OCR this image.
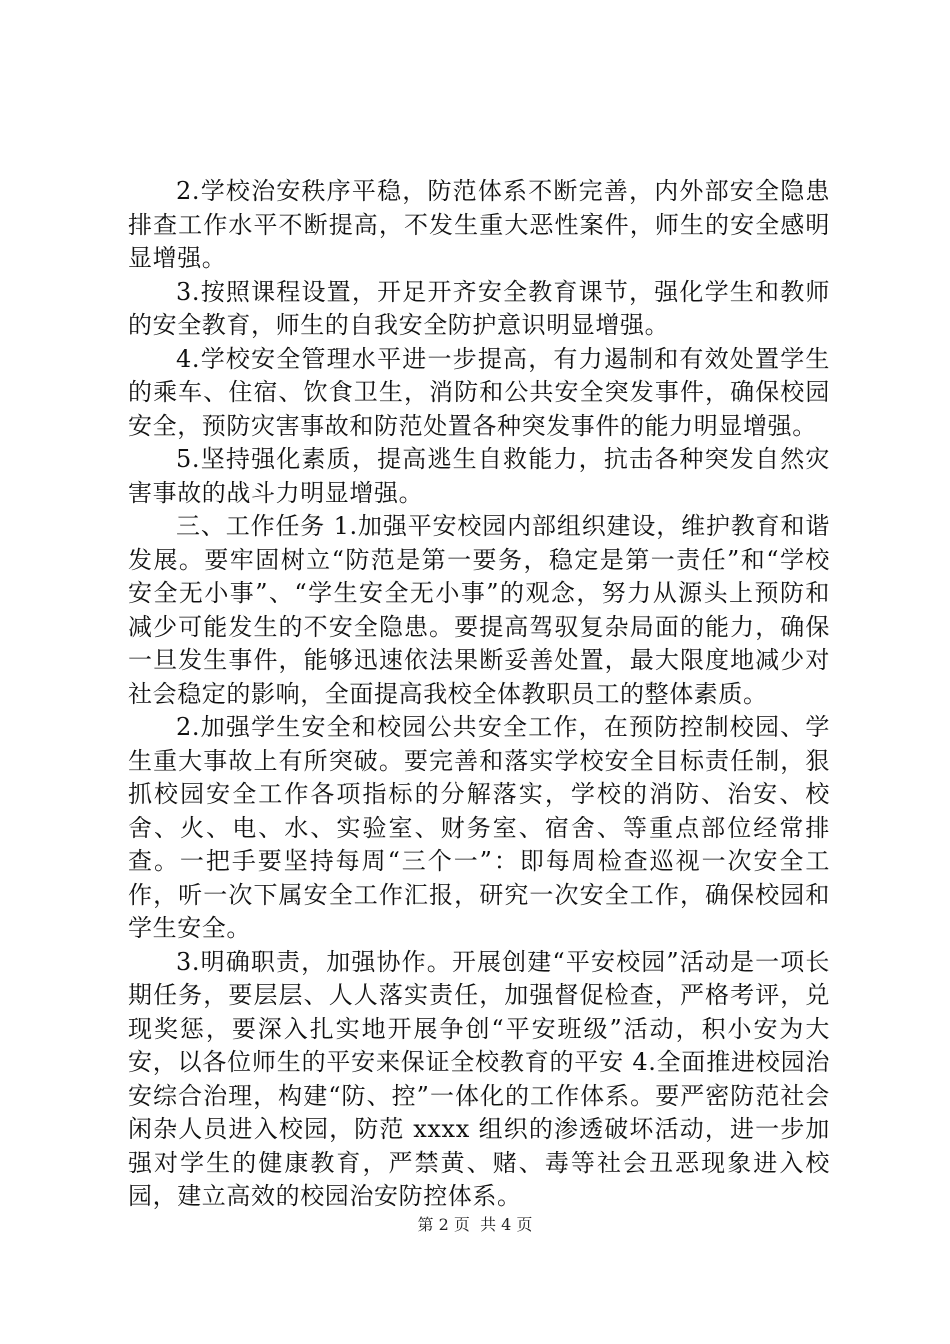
2.学校治安秩序平稳，防范体系不断完善，内外部安全隐患排查工作水平不断提高，不发生重大恶性案件，师生的安全感明显增强。

3.按照课程设置，开足开齐安全教育课节，强化学生和教师的安全教育，师生的自我安全防护意识明显增强。

4.学校安全管理水平进一步提高，有力遏制和有效处置学生的乘车、住宿、饮食卫生，消防和公共安全突发事件，确保校园安全，预防灾害事故和防范处置各种突发事件的能力明显增强。

5.坚持强化素质，提高逃生自救能力，抗击各种突发自然灾害事故的战斗力明显增强。

三、工作任务 1.加强平安校园内部组织建设，维护教育和谐发展。要牢固树立“防范是第一要务，稳定是第一责任”和“学校安全无小事”、“学生安全无小事”的观念，努力从源头上预防和减少可能发生的不安全隐患。要提高驾驭复杂局面的能力，确保一旦发生事件，能够迅速依法果断妥善处置，最大限度地减少对社会稳定的影响，全面提高我校全体教职员工的整体素质。

2.加强学生安全和校园公共安全工作，在预防控制校园、学生重大事故上有所突破。要完善和落实学校安全目标责任制，狠抓校园安全工作各项指标的分解落实，学校的消防、治安、校舍、火、电、水、实验室、财务室、宿舍、等重点部位经常排查。一把手要坚持每周“三个一”：即每周检查巡视一次安全工作，听一次下属安全工作汇报，研究一次安全工作，确保校园和学生安全。

3.明确职责，加强协作。开展创建“平安校园”活动是一项长期任务，要层层、人人落实责任，加强督促检查，严格考评，兑现奖惩，要深入扎实地开展争创“平安班级”活动，积小安为大安，以各位师生的平安来保证全校教育的平安 4.全面推进校园治安综合治理，构建“防、控”一体化的工作体系。要严密防范社会闲杂人员进入校园，防范 xxxx 组织的渗透破坏活动，进一步加强对学生的健康教育，严禁黄、赌、毒等社会丑恶现象进入校园，建立高效的校园治安防控体系。

第 2 页  共 4 页
